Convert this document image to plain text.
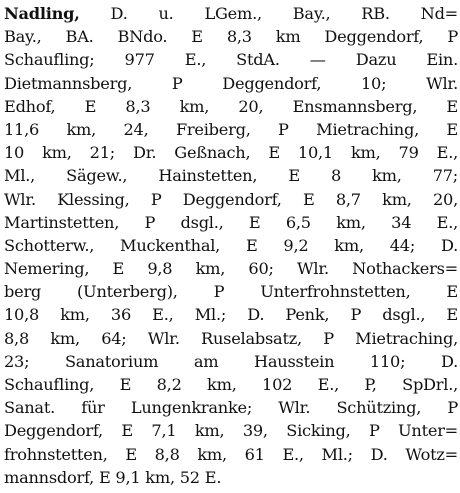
Nadling, D. u. LGem., Bay., RB. Nd=
Bay., BA. BNdo. E 8,3 km Deggendorf, P
Schaufling; 977 E., StdA. — Dazu Ein.
Dietmannsberg, P Deggendorf, 10; Wlr.
Edhof, E 8,3 km, 20, Ensmannsberg, E
11,6 km, 24, Freiberg, P Mietraching, E
10 km, 21; Dr. Geßnach, E 10,1 km, 79 E.,
Ml., Sägew., Hainstetten, E 8 km, 77;
Wlr. Klessing, P Deggendorf, E 8,7 km, 20,
Martinstetten, P dsgl., E 6,5 km, 34 E.,
Schotterw., Muckenthal, E 9,2 km, 44; D.
Nemering, E 9,8 km, 60; Wlr. Nothackers=
berg (Unterberg), P Unterfrohnstetten, E
10,8 km, 36 E., Ml.; D. Penk, P dsgl., E
8,8 km, 64; Wlr. Ruselabsatz, P Mietraching,
23; Sanatorium am Hausstein 110; D.
Schaufling, E 8,2 km, 102 E., P, SpDrl.,
Sanat. für Lungenkranke; Wlr. Schützing, P
Deggendorf, E 7,1 km, 39, Sicking, P Unter=
frohnstetten, E 8,8 km, 61 E., Ml.; D. Wotz=
mannsdorf, E 9,1 km, 52 E.
